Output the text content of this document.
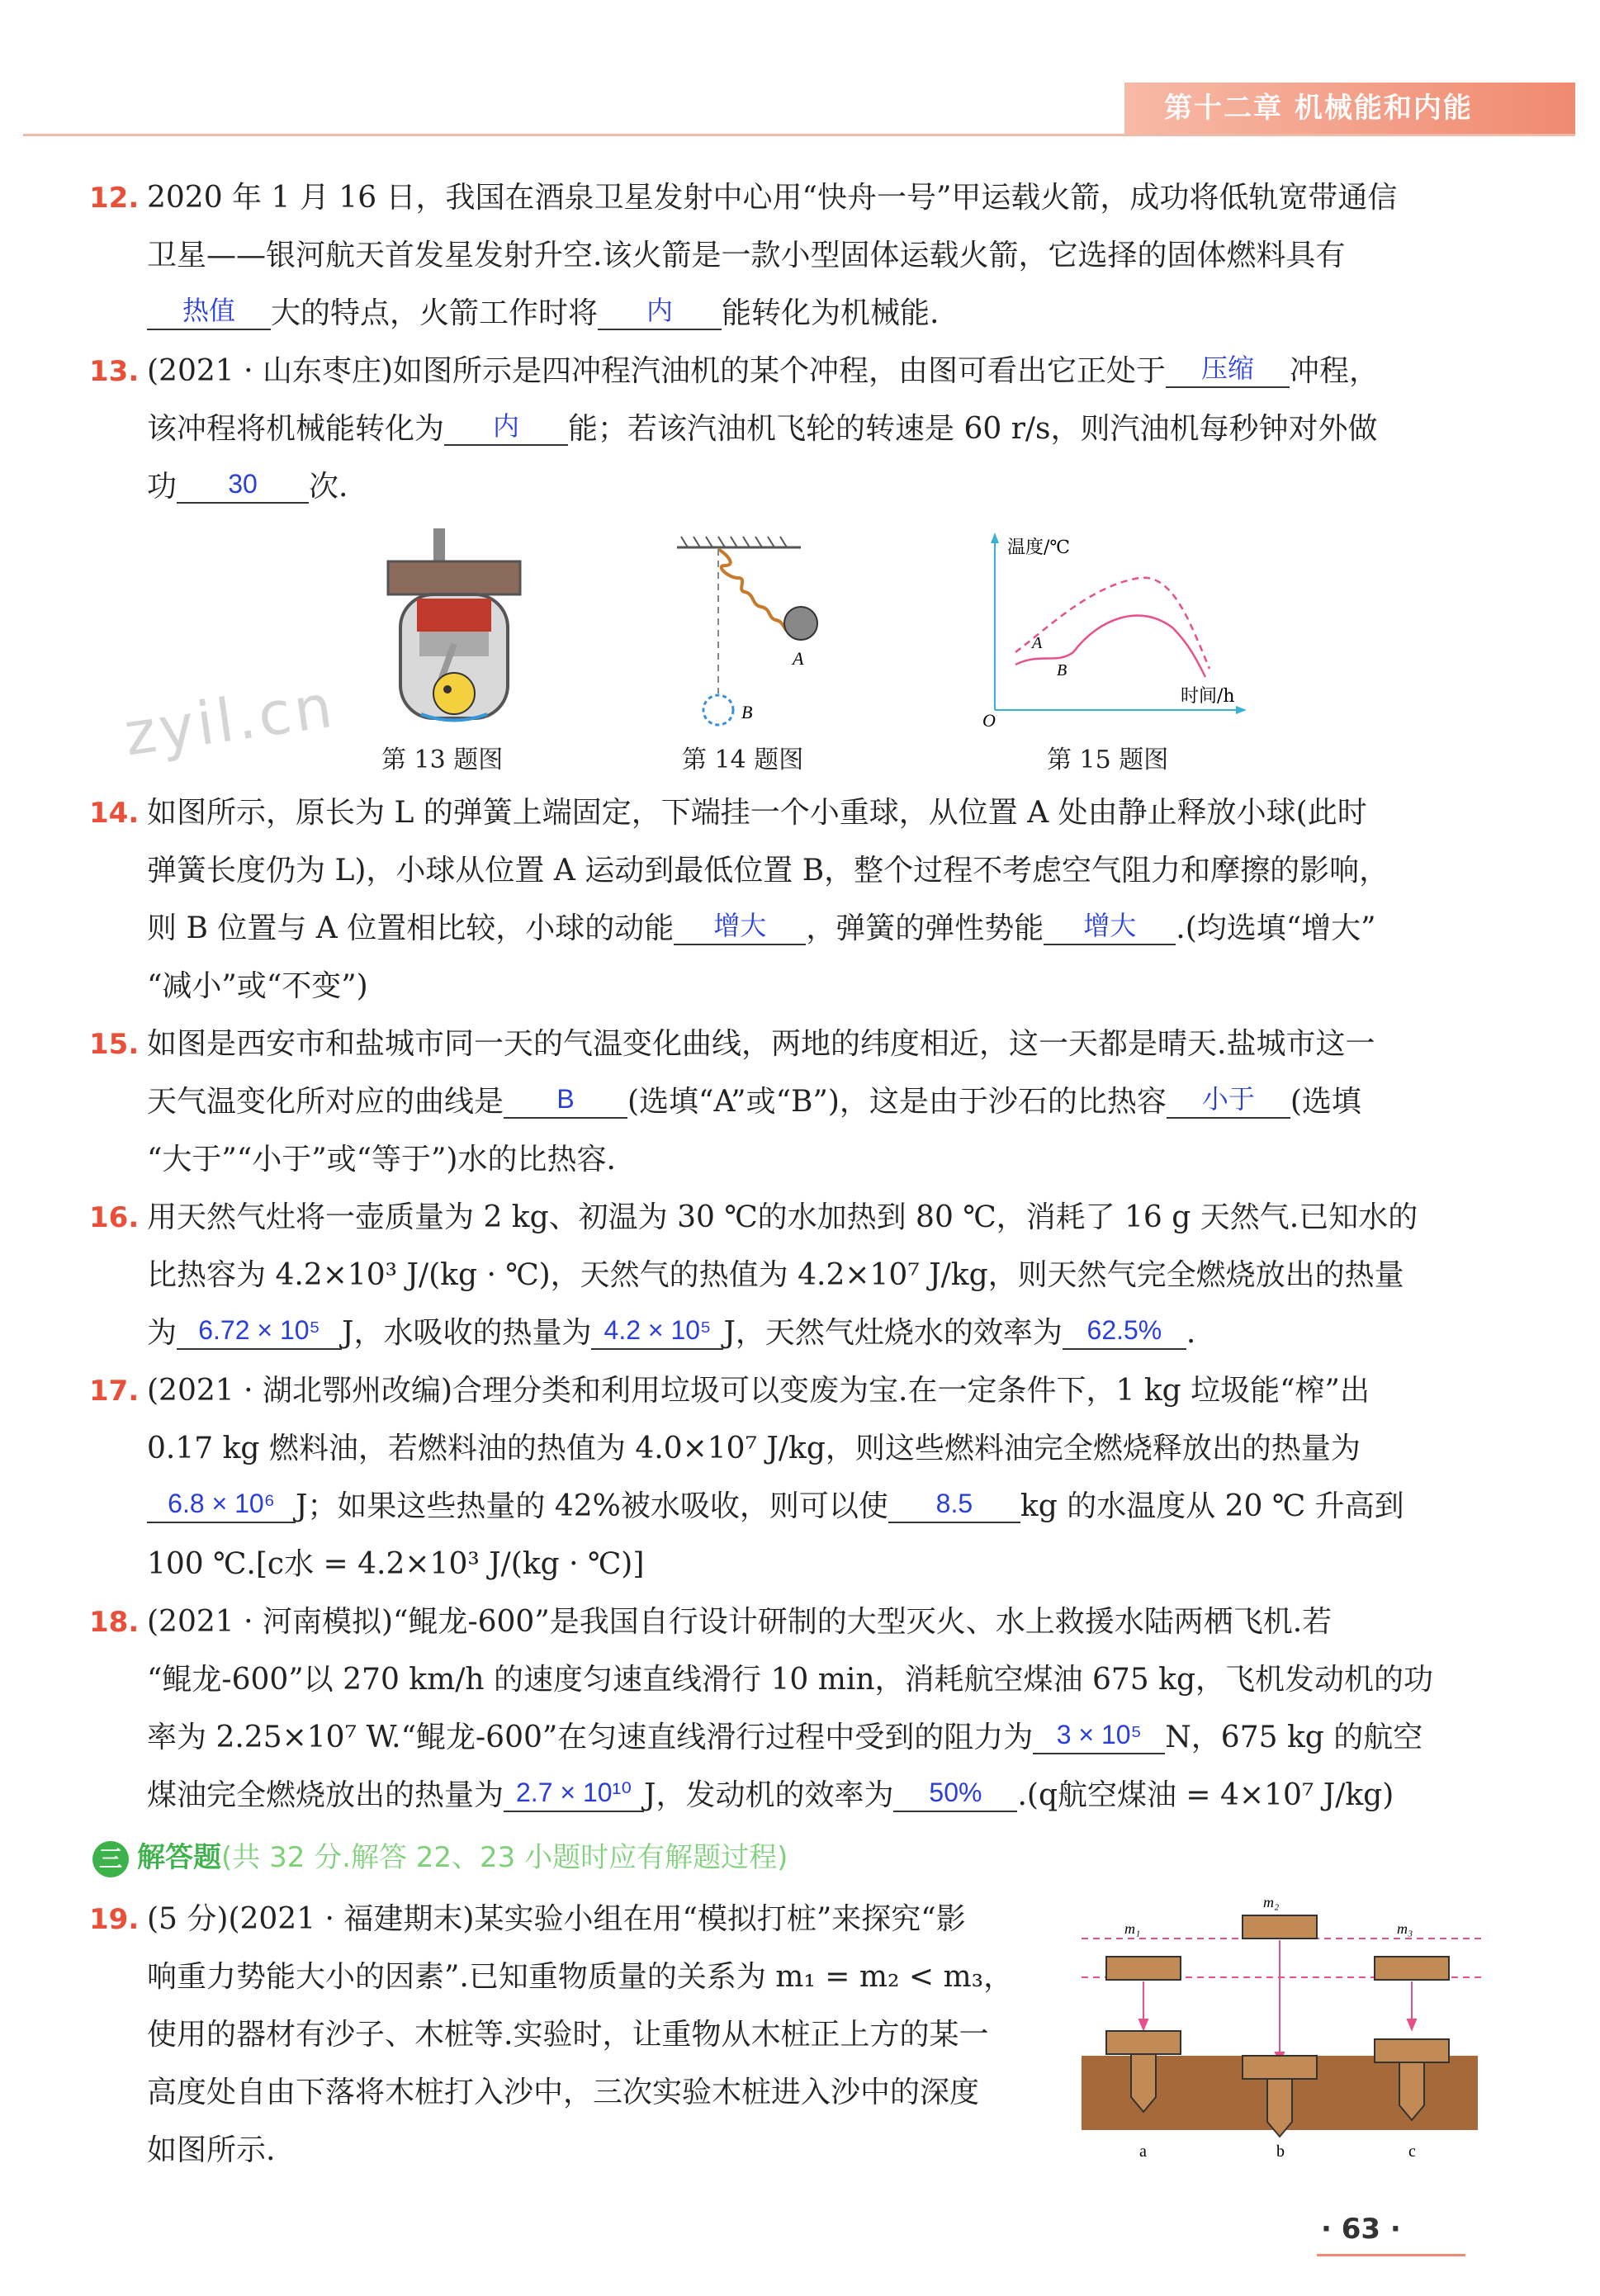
第十二章 机械能和内能
12. 2020 年 1 月 16 日，我国在酒泉卫星发射中心用“快舟一号”甲运载火箭，成功将低轨宽带通信
卫星——银河航天首发星发射升空.该火箭是一款小型固体运载火箭，它选择的固体燃料具有
热值 大的特点，火箭工作时将 内 能转化为机械能.
13. (2021 · 山东枣庄)如图所示是四冲程汽油机的某个冲程，由图可看出它正处于 压缩 冲程，
该冲程将机械能转化为 内 能；若该汽油机飞轮的转速是 60 r/s，则汽油机每秒钟对外做
功 30 次.
zyil.cn 第 13 题图
A
B
第 14 题图
温度/℃
时间/h
O
A
B
第 15 题图
14. 如图所示，原长为 L 的弹簧上端固定，下端挂一个小重球，从位置 A 处由静止释放小球(此时
弹簧长度仍为 L)，小球从位置 A 运动到最低位置 B，整个过程不考虑空气阻力和摩擦的影响，
则 B 位置与 A 位置相比较，小球的动能 增大 ，弹簧的弹性势能 增大 .(均选填“增大”
“减小”或“不变”)
15. 如图是西安市和盐城市同一天的气温变化曲线，两地的纬度相近，这一天都是晴天.盐城市这一
天气温变化所对应的曲线是 B (选填“A”或“B”)，这是由于沙石的比热容 小于 (选填
“大于”“小于”或“等于”)水的比热容.
16. 用天然气灶将一壶质量为 2 kg、初温为 30 ℃的水加热到 80 ℃，消耗了 16 g 天然气.已知水的
比热容为 4.2×10³ J/(kg · ℃)，天然气的热值为 4.2×10⁷ J/kg，则天然气完全燃烧放出的热量
为 6.72 × 10⁵ J，水吸收的热量为 4.2 × 10⁵ J，天然气灶烧水的效率为 62.5% .
17. (2021 · 湖北鄂州改编)合理分类和利用垃圾可以变废为宝.在一定条件下，1 kg 垃圾能“榨”出
0.17 kg 燃料油，若燃料油的热值为 4.0×10⁷ J/kg，则这些燃料油完全燃烧释放出的热量为
6.8 × 10⁶ J；如果这些热量的 42%被水吸收，则可以使 8.5 kg 的水温度从 20 ℃ 升高到
100 ℃.[c水 = 4.2×10³ J/(kg · ℃)]
18. (2021 · 河南模拟)“鲲龙-600”是我国自行设计研制的大型灭火、水上救援水陆两栖飞机.若
“鲲龙-600”以 270 km/h 的速度匀速直线滑行 10 min，消耗航空煤油 675 kg，飞机发动机的功
率为 2.25×10⁷ W.“鲲龙-600”在匀速直线滑行过程中受到的阻力为 3 × 10⁵ N，675 kg 的航空
煤油完全燃烧放出的热量为 2.7 × 10¹⁰ J，发动机的效率为 50% .(q航空煤油 = 4×10⁷ J/kg)
三 解答题(共 32 分.解答 22、23 小题时应有解题过程)
19. (5 分)(2021 · 福建期末)某实验小组在用“模拟打桩”来探究“影
响重力势能大小的因素”.已知重物质量的关系为 m₁ = m₂ < m₃，
使用的器材有沙子、木桩等.实验时，让重物从木桩正上方的某一
高度处自由下落将木桩打入沙中，三次实验木桩进入沙中的深度
如图所示.
m₁
m₂
m₃
a	b	c
· 63 ·
